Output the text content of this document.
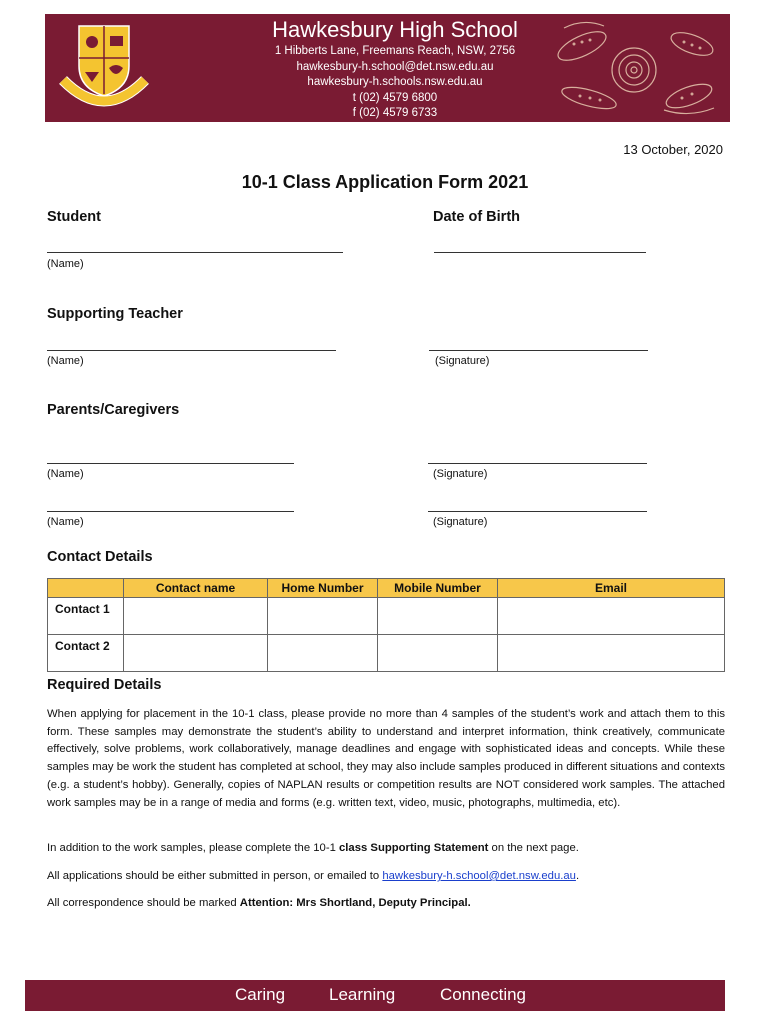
Hawkesbury High School
1 Hibberts Lane, Freemans Reach, NSW, 2756
hawkesbury-h.school@det.nsw.edu.au
hawkesbury-h.schools.nsw.edu.au
t (02) 4579 6800
f (02) 4579 6733
13 October, 2020
10-1 Class Application Form 2021
Student	Date of Birth
(Name)
Supporting Teacher
(Name)	(Signature)
Parents/Caregivers
(Name)	(Signature)
(Name)	(Signature)
Contact Details
	Contact name	Home Number	Mobile Number	Email
Contact 1				
Contact 2				
Required Details
When applying for placement in the 10-1 class, please provide no more than 4 samples of the student’s work and attach them to this form. These samples may demonstrate the student’s ability to understand and interpret information, think creatively, communicate effectively, solve problems, work collaboratively, manage deadlines and engage with sophisticated ideas and concepts. While these samples may be work the student has completed at school, they may also include samples produced in different situations and contexts (e.g. a student’s hobby). Generally, copies of NAPLAN results or competition results are NOT considered work samples. The attached work samples may be in a range of media and forms (e.g. written text, video, music, photographs, multimedia, etc).
In addition to the work samples, please complete the 10-1 class Supporting Statement on the next page.
All applications should be either submitted in person, or emailed to hawkesbury-h.school@det.nsw.edu.au.
All correspondence should be marked Attention: Mrs Shortland, Deputy Principal.
Caring	Learning	Connecting
